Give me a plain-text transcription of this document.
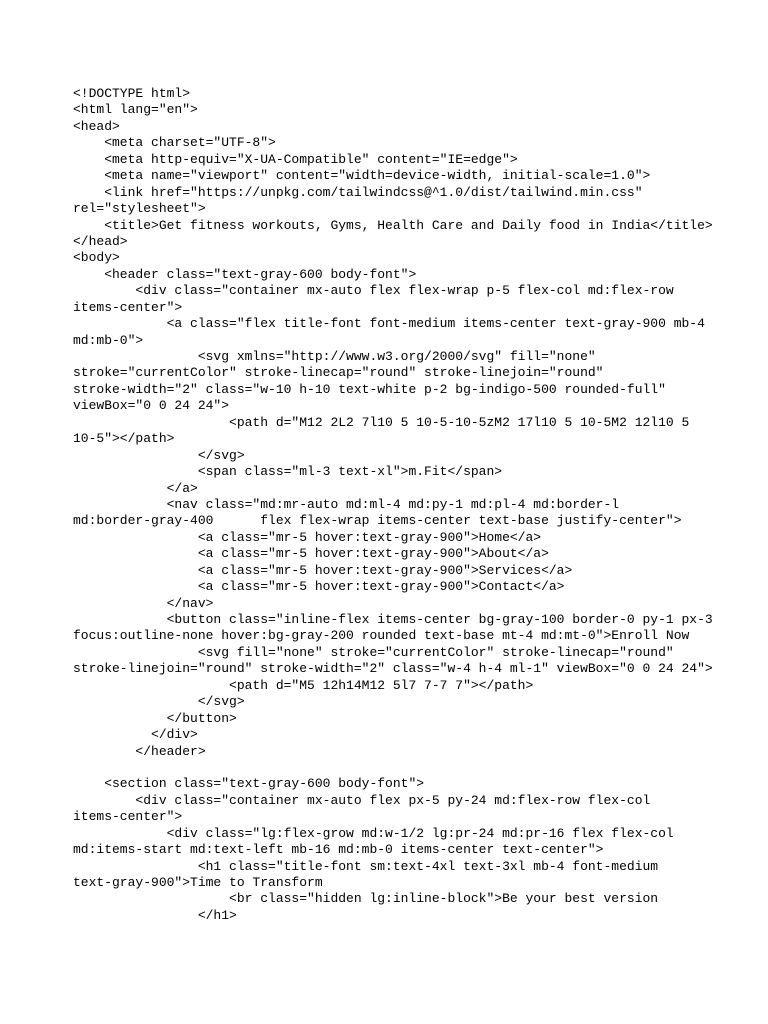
<!DOCTYPE html>
<html lang="en">
<head>
<meta charset="UTF-8">
<meta http-equiv="X-UA-Compatible" content="IE=edge">
<meta name="viewport" content="width=device-width, initial-scale=1.0">
<link href="https://unpkg.com/tailwindcss@^1.0/dist/tailwind.min.css"
rel="stylesheet">
<title>Get fitness workouts, Gyms, Health Care and Daily food in India</title>
</head>
<body>
<header class="text-gray-600 body-font">
<div class="container mx-auto flex flex-wrap p-5 flex-col md:flex-row
items-center">
<a class="flex title-font font-medium items-center text-gray-900 mb-4
md:mb-0">
<svg xmlns="http://www.w3.org/2000/svg" fill="none"
stroke="currentColor" stroke-linecap="round" stroke-linejoin="round"
stroke-width="2" class="w-10 h-10 text-white p-2 bg-indigo-500 rounded-full"
viewBox="0 0 24 24">
<path d="M12 2L2 7l10 5 10-5-10-5zM2 17l10 5 10-5M2 12l10 5
10-5"></path>
</svg>
<span class="ml-3 text-xl">m.Fit</span>
</a>
<nav class="md:mr-auto md:ml-4 md:py-1 md:pl-4 md:border-l
md:border-gray-400      flex flex-wrap items-center text-base justify-center">
<a class="mr-5 hover:text-gray-900">Home</a>
<a class="mr-5 hover:text-gray-900">About</a>
<a class="mr-5 hover:text-gray-900">Services</a>
<a class="mr-5 hover:text-gray-900">Contact</a>
</nav>
<button class="inline-flex items-center bg-gray-100 border-0 py-1 px-3
focus:outline-none hover:bg-gray-200 rounded text-base mt-4 md:mt-0">Enroll Now
<svg fill="none" stroke="currentColor" stroke-linecap="round"
stroke-linejoin="round" stroke-width="2" class="w-4 h-4 ml-1" viewBox="0 0 24 24">
<path d="M5 12h14M12 5l7 7-7 7"></path>
</svg>
</button>
</div>
</header>
<section class="text-gray-600 body-font">
<div class="container mx-auto flex px-5 py-24 md:flex-row flex-col
items-center">
<div class="lg:flex-grow md:w-1/2 lg:pr-24 md:pr-16 flex flex-col
md:items-start md:text-left mb-16 md:mb-0 items-center text-center">
<h1 class="title-font sm:text-4xl text-3xl mb-4 font-medium
text-gray-900">Time to Transform
<br class="hidden lg:inline-block">Be your best version
</h1>
